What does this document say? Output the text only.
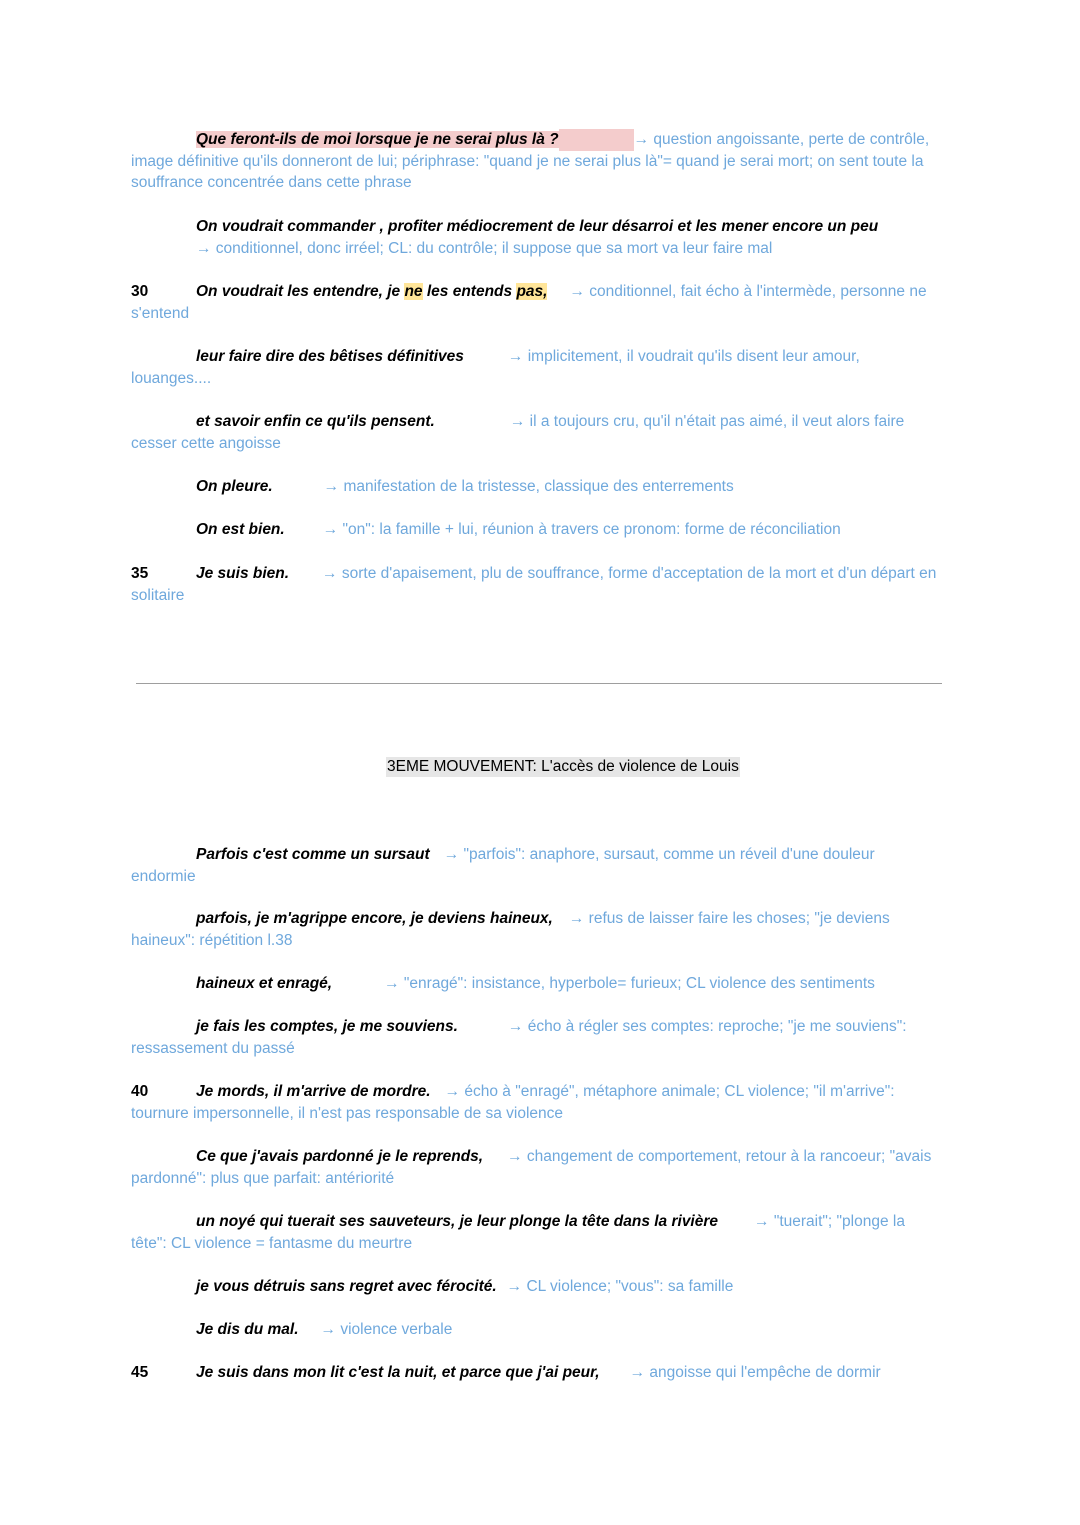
Que feront-ils de moi lorsque je ne serai plus là ?	→ question angoissante, perte de contrôle, image définitive qu'ils donneront de lui; périphrase: "quand je ne serai plus là"= quand je serai mort; on sent toute la souffrance concentrée dans cette phrase
On voudrait commander , profiter médiocrement de leur désarroi et les mener encore un peu
→ conditionnel, donc irréel; CL: du contrôle; il suppose que sa mort va leur faire mal
30	On voudrait les entendre, je ne les entends pas, → conditionnel, fait écho à l'intermède, personne ne s'entend
leur faire dire des bêtises définitives	→ implicitement, il voudrait qu'ils disent leur amour, louanges....
et savoir enfin ce qu'ils pensent.	→ il a toujours cru, qu'il n'était pas aimé, il veut alors faire cesser cette angoisse
On pleure.	→ manifestation de la tristesse, classique des enterrements
On est bien. → "on": la famille + lui, réunion à travers ce pronom: forme de réconciliation
35	Je suis bien. → sorte d'apaisement, plu de souffrance, forme d'acceptation de la mort et d'un départ en solitaire
3EME MOUVEMENT: L'accès de violence de Louis
Parfois c'est comme un sursaut → "parfois": anaphore, sursaut, comme un réveil d'une douleur endormie
parfois, je m'agrippe encore, je deviens haineux, → refus de laisser faire les choses; "je deviens haineux": répétition l.38
haineux et enragé,	→ "enragé": insistance, hyperbole= furieux; CL violence des sentiments
je fais les comptes, je me souviens.	→ écho à régler ses comptes: reproche; "je me souviens": ressassement du passé
40	Je mords, il m'arrive de mordre. → écho à "enragé", métaphore animale; CL violence; "il m'arrive": tournure impersonnelle, il n'est pas responsable de sa violence
Ce que j'avais pardonné je le reprends, → changement de comportement, retour à la rancoeur; "avais pardonné": plus que parfait: antériorité
un noyé qui tuerait ses sauveteurs, je leur plonge la tête dans la rivière → "tuerait"; "plonge la tête": CL violence = fantasme du meurtre
je vous détruis sans regret avec férocité. → CL violence; "vous": sa famille
Je dis du mal. → violence verbale
45	Je suis dans mon lit c'est la nuit, et parce que j'ai peur, → angoisse qui l'empêche de dormir
